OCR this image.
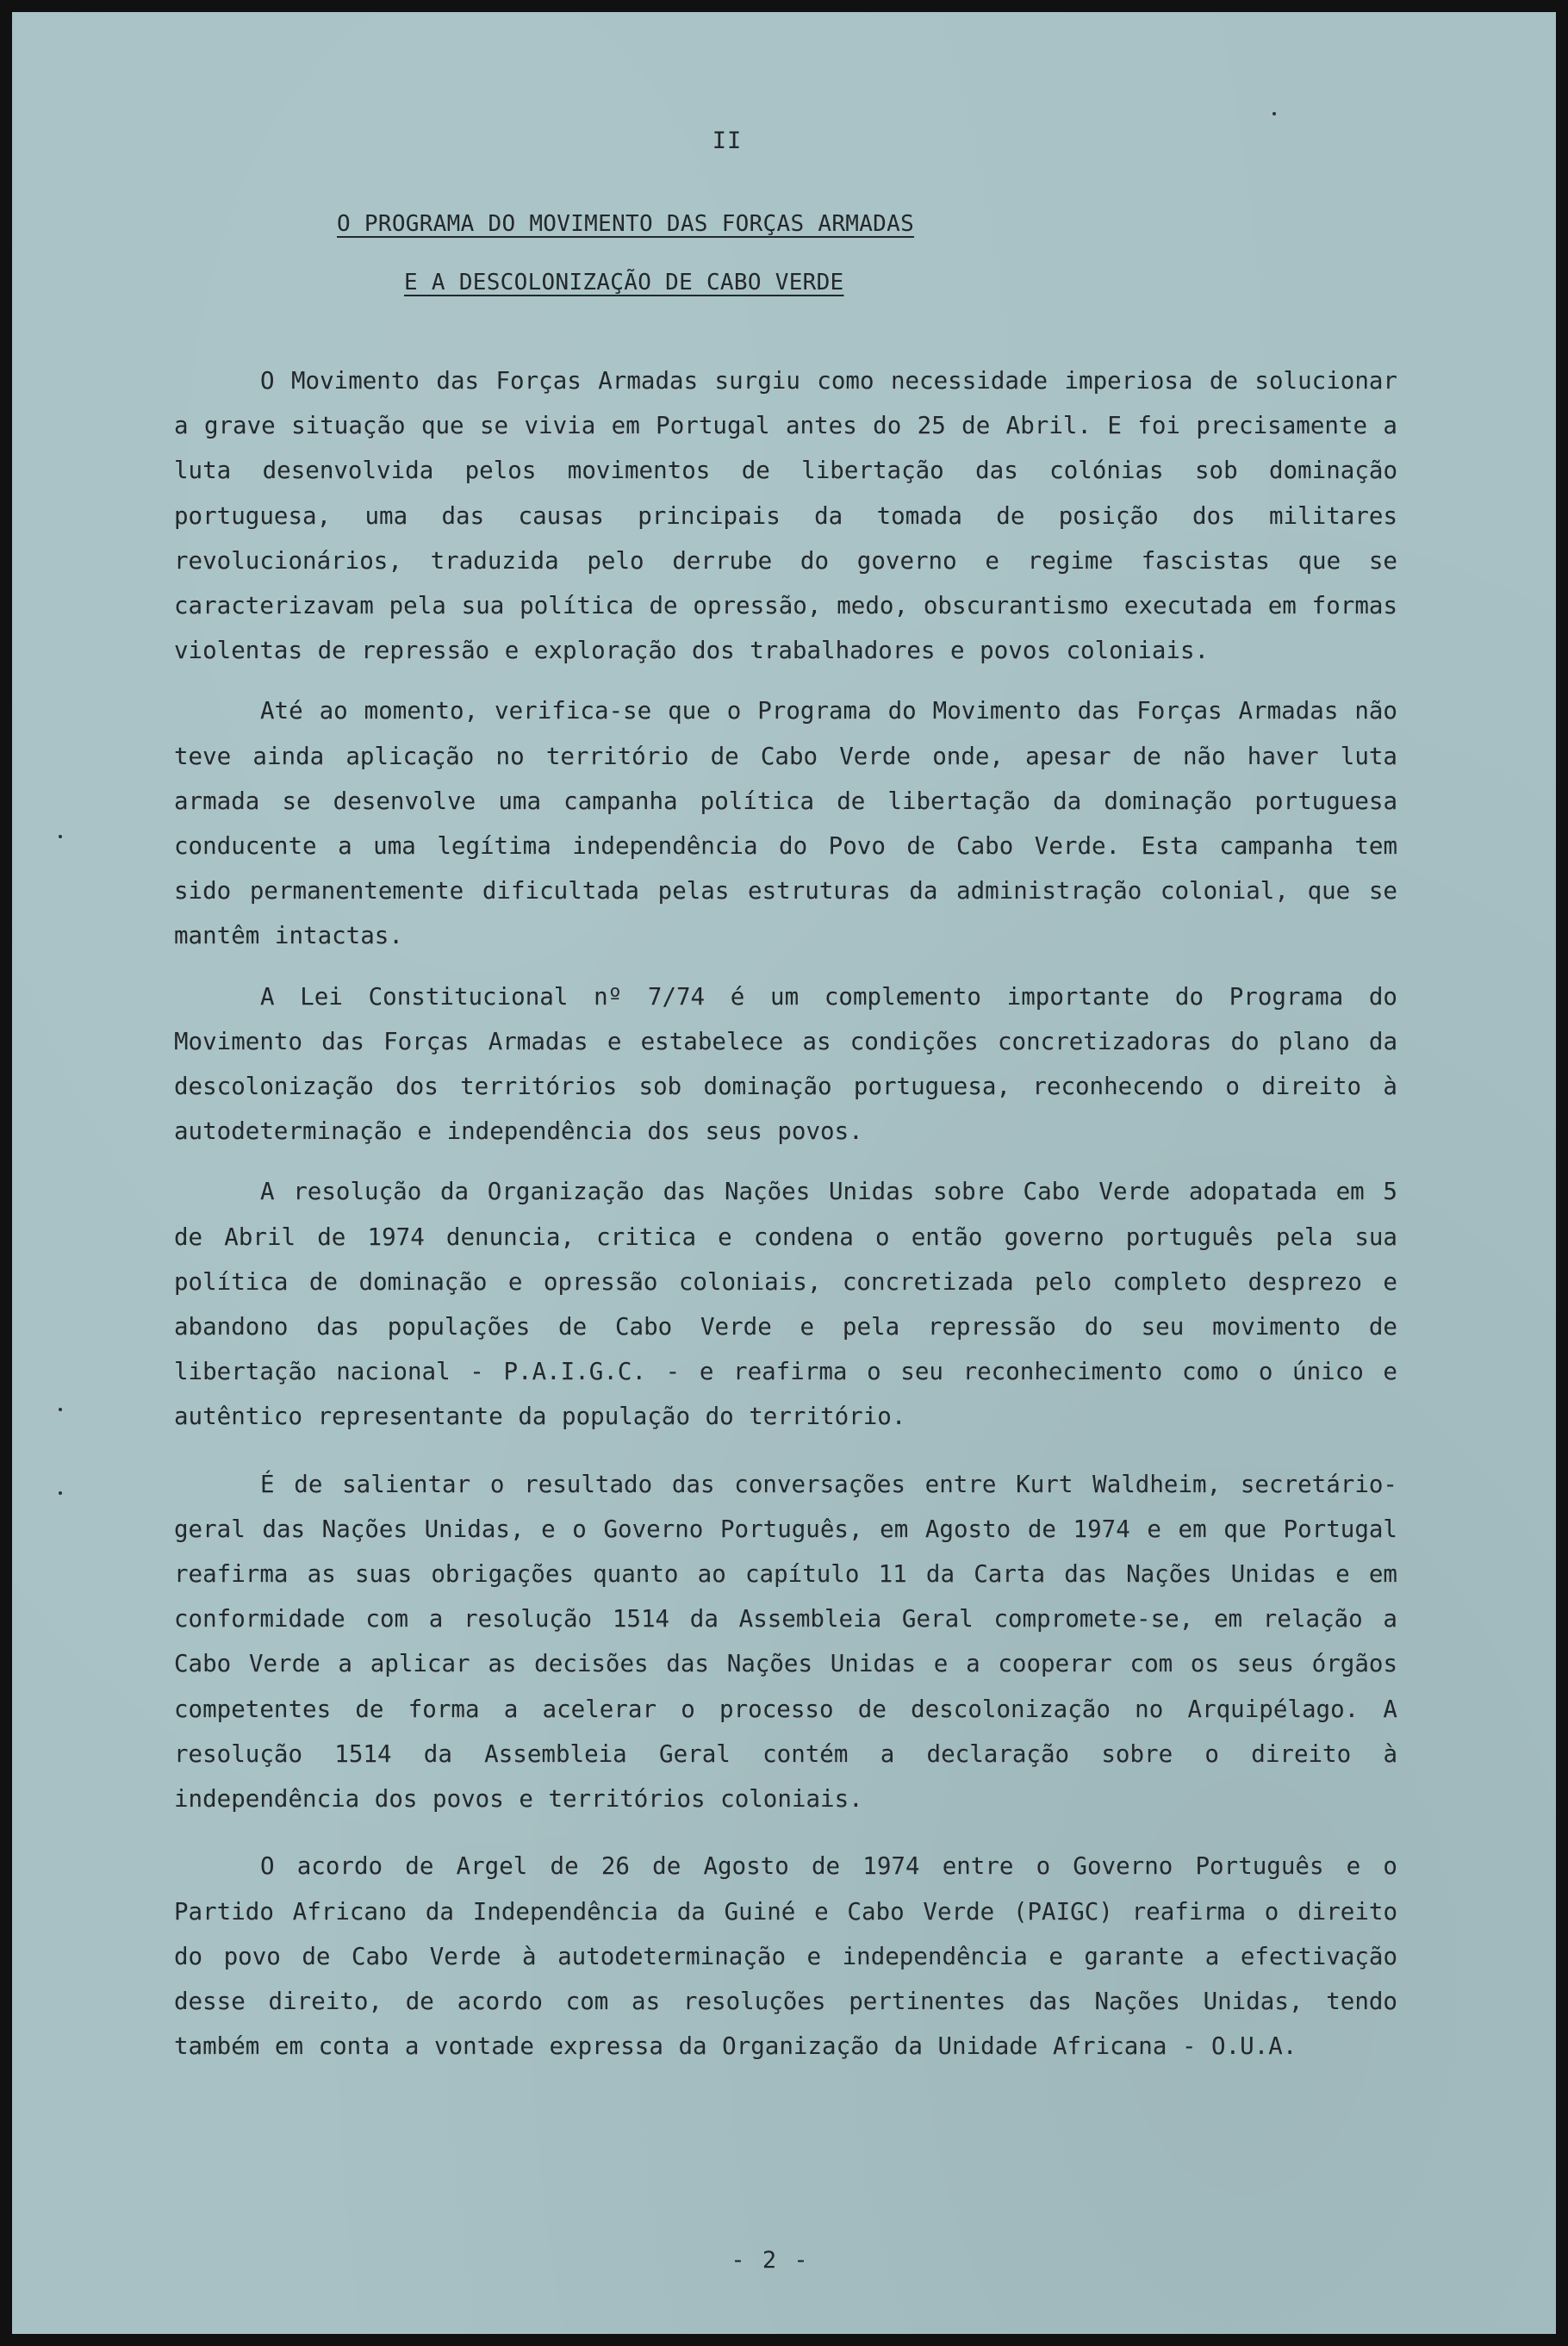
II
O PROGRAMA DO MOVIMENTO DAS FORÇAS ARMADAS
E A DESCOLONIZAÇÃO DE CABO VERDE

O Movimento das Forças Armadas surgiu como necessidade imperiosa de solucionar a grave situação que se vivia em Portugal antes do 25 de Abril. E foi precisamente a luta desenvolvida pelos movimentos de libertação das colónias sob dominação portuguesa, uma das causas principais da tomada de posição dos militares revolucionários, traduzida pelo derrube do governo e regime fascistas que se caracterizavam pela sua política de opressão, medo, obscurantismo executada em formas violentas de repressão e exploração dos trabalhadores e povos coloniais.

Até ao momento, verifica-se que o Programa do Movimento das Forças Armadas não teve ainda aplicação no território de Cabo Verde onde, apesar de não haver luta armada se desenvolve uma campanha política de libertação da dominação portuguesa conducente a uma legítima independência do Povo de Cabo Verde. Esta campanha tem sido permanentemente dificultada pelas estruturas da administração colonial, que se mantêm intactas.

A Lei Constitucional nº 7/74 é um complemento importante do Programa do Movimento das Forças Armadas e estabelece as condições concretizadoras do plano da descolonização dos territórios sob dominação portuguesa, reconhecendo o direito à autodeterminação e independência dos seus povos.

A resolução da Organização das Nações Unidas sobre Cabo Verde adopatada em 5 de Abril de 1974 denuncia, critica e condena o então governo português pela sua política de dominação e opressão coloniais, concretizada pelo completo desprezo e abandono das populações de Cabo Verde e pela repressão do seu movimento de libertação nacional - P.A.I.G.C. - e reafirma o seu reconhecimento como o único e autêntico representante da população do território.

É de salientar o resultado das conversações entre Kurt Waldheim, secretário-geral das Nações Unidas, e o Governo Português, em Agosto de 1974 e em que Portugal reafirma as suas obrigações quanto ao capítulo 11 da Carta das Nações Unidas e em conformidade com a resolução 1514 da Assembleia Geral compromete-se, em relação a Cabo Verde a aplicar as decisões das Nações Unidas e a cooperar com os seus órgãos competentes de forma a acelerar o processo de descolonização no Arquipélago. A resolução 1514 da Assembleia Geral contém a declaração sobre o direito à independência dos povos e territórios coloniais.

O acordo de Argel de 26 de Agosto de 1974 entre o Governo Português e o Partido Africano da Independência da Guiné e Cabo Verde (PAIGC) reafirma o direito do povo de Cabo Verde à autodeterminação e independência e garante a efectivação desse direito, de acordo com as resoluções pertinentes das Nações Unidas, tendo também em conta a vontade expressa da Organização da Unidade Africana - O.U.A.

- 2 -
